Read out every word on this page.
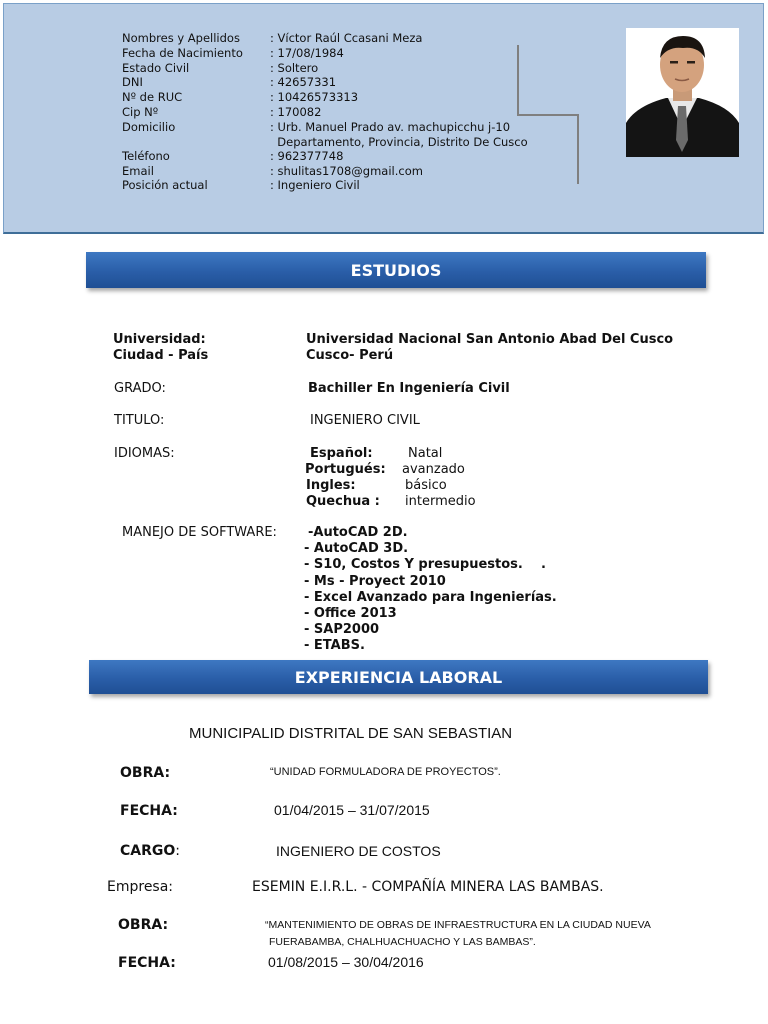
Nombres y Apellidos	: Víctor Raúl Ccasani Meza
Fecha de Nacimiento	: 17/08/1984
Estado Civil	: Soltero
DNI	: 42657331
Nº de RUC	: 10426573313
Cip Nº	: 170082
Domicilio	: Urb. Manuel Prado av. machupicchu j-10
Departamento, Provincia, Distrito De Cusco
Teléfono	: 962377748
Email	: shulitas1708@gmail.com
Posición actual	: Ingeniero Civil
ESTUDIOS
Universidad:	Universidad Nacional San Antonio Abad Del Cusco
Ciudad - País	Cusco- Perú
GRADO:	Bachiller En Ingeniería Civil
TITULO:	INGENIERO CIVIL
IDIOMAS:	Español:	Natal
Portugués: avanzado
Ingles:	básico
Quechua : intermedio
MANEJO DE SOFTWARE: -AutoCAD 2D.
- AutoCAD 3D.
- S10, Costos Y presupuestos.    .
- Ms - Proyect 2010
- Excel Avanzado para Ingenierías.
- Office 2013
- SAP2000
- ETABS.
EXPERIENCIA LABORAL
MUNICIPALID DISTRITAL DE SAN SEBASTIAN
OBRA:	“UNIDAD FORMULADORA DE PROYECTOS”.
FECHA:	01/04/2015 – 31/07/2015
CARGO:	INGENIERO DE COSTOS
Empresa:	ESEMIN E.I.R.L. - COMPAÑÍA MINERA LAS BAMBAS.
OBRA:	“MANTENIMIENTO DE OBRAS DE INFRAESTRUCTURA EN LA CIUDAD NUEVA
FUERABAMBA, CHALHUACHUACHO Y LAS BAMBAS”.
FECHA:	01/08/2015 – 30/04/2016
